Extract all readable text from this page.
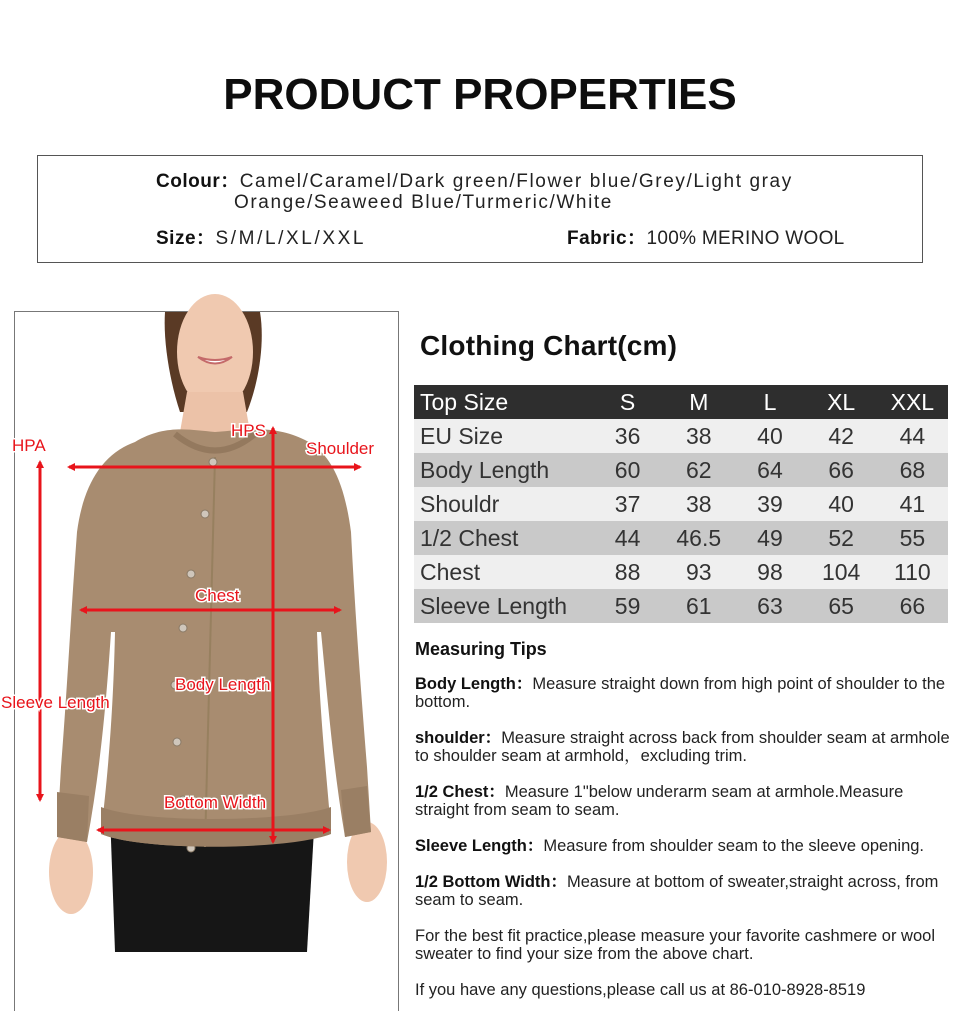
PRODUCT PROPERTIES
Colour：Camel/Caramel/Dark green/Flower blue/Grey/Light gray
Orange/Seaweed Blue/Turmeric/White
Size：S/M/L/XL/XXL	Fabric：100% MERINO WOOL
HPA
HPS
Shoulder
Chest
Body Length
Sleeve Length
Bottom Width
Clothing Chart(cm)
Top Size	S	M	L	XL	XXL
EU Size	36	38	40	42	44
Body Length	60	62	64	66	68
Shouldr	37	38	39	40	41
1/2 Chest	44	46.5	49	52	55
Chest	88	93	98	104	110
Sleeve Length	59	61	63	65	66
Measuring Tips
Body Length：Measure straight down from high point of shoulder to the bottom.
shoulder：Measure straight across back from shoulder seam at armhole to shoulder seam at armhold，excluding trim.
1/2 Chest：Measure 1"below underarm seam at armhole.Measure straight from seam to seam.
Sleeve Length：Measure from shoulder seam to the sleeve opening.
1/2 Bottom Width：Measure at bottom of sweater,straight across, from seam to seam.
For the best fit practice,please measure your favorite cashmere or wool sweater to find your size from the above chart.
If you have any questions,please call us at 86-010-8928-8519
